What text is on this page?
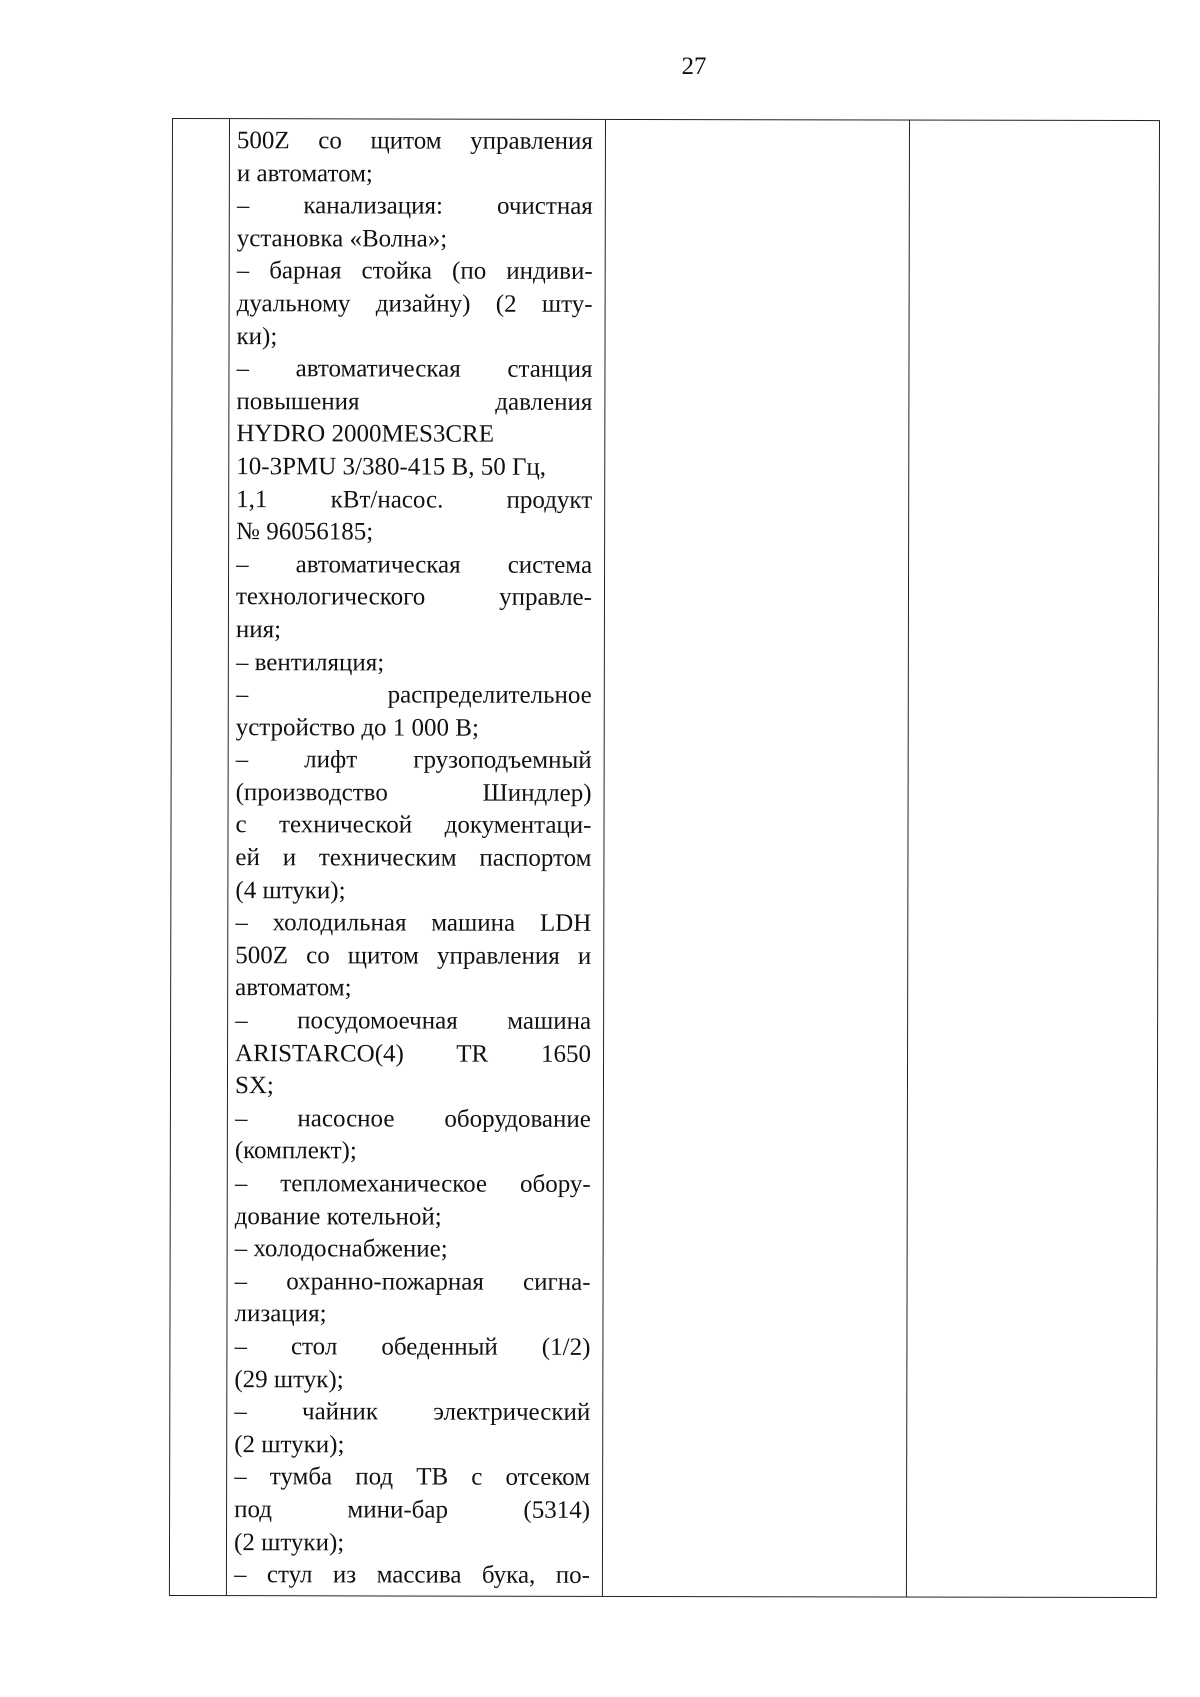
27
500Z со щитом управления
и автоматом;
– канализация: очистная
установка «Волна»;
– барная стойка (по индиви-
дуальному дизайну) (2 шту-
ки);
– автоматическая станция
повышения давления
HYDRO 2000MES3CRE
10-3PMU 3/380-415 В, 50 Гц,
1,1 кВт/насос. продукт
№ 96056185;
– автоматическая система
технологического управле-
ния;
– вентиляция;
– распределительное
устройство до 1 000 В;
– лифт грузоподъемный
(производство Шиндлер)
с технической документаци-
ей и техническим паспортом
(4 штуки);
– холодильная машина LDH
500Z со щитом управления и
автоматом;
– посудомоечная машина
ARISTARCO(4) TR 1650
SX;
– насосное оборудование
(комплект);
– тепломеханическое обору-
дование котельной;
– холодоснабжение;
– охранно-пожарная сигна-
лизация;
– стол обеденный (1/2)
(29 штук);
– чайник электрический
(2 штуки);
– тумба под ТВ с отсеком
под мини-бар (5314)
(2 штуки);
– стул из массива бука, по-
